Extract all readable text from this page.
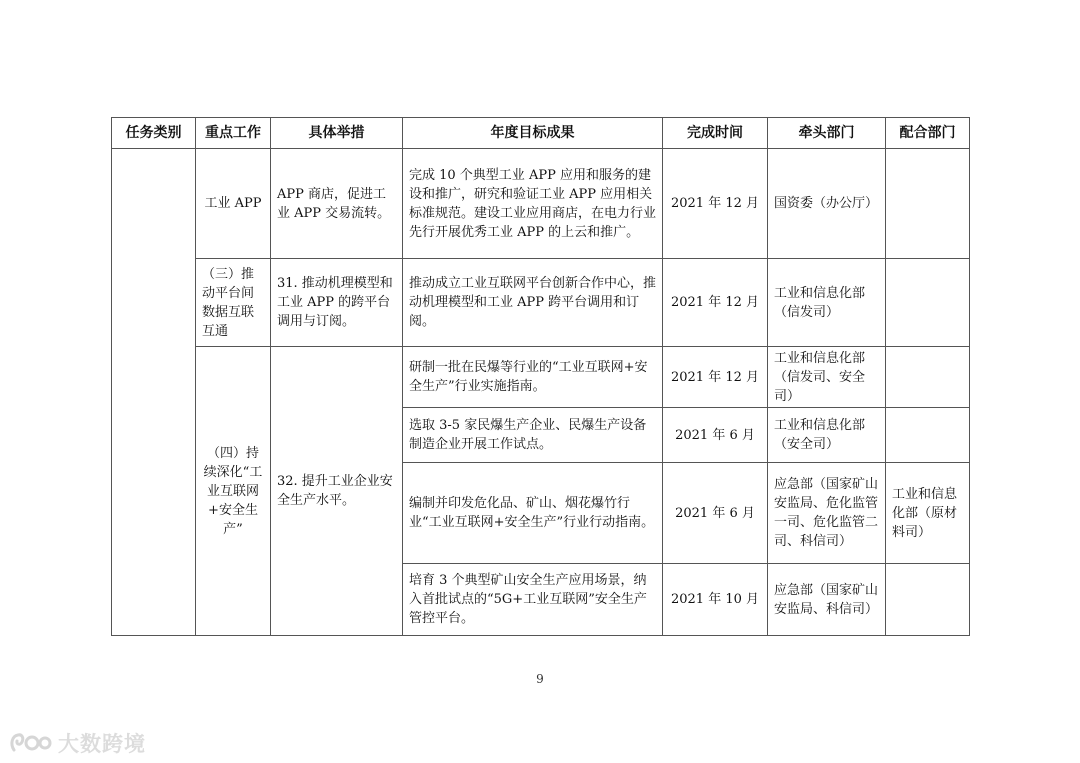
任务类别	重点工作	具体举措	年度目标成果	完成时间	牵头部门	配合部门
	工业 APP	APP 商店，促进工业 APP 交易流转。	完成 10 个典型工业 APP 应用和服务的建设和推广，研究和验证工业 APP 应用相关标准规范。建设工业应用商店，在电力行业先行开展优秀工业 APP 的上云和推广。	2021 年 12 月	国资委（办公厅）	
	（三）推动平台间数据互联互通	31. 推动机理模型和工业 APP 的跨平台调用与订阅。	推动成立工业互联网平台创新合作中心，推动机理模型和工业 APP 跨平台调用和订阅。	2021 年 12 月	工业和信息化部（信发司）	
	（四）持续深化“工业互联网+安全生产”	32. 提升工业企业安全生产水平。	研制一批在民爆等行业的“工业互联网+安全生产”行业实施指南。	2021 年 12 月	工业和信息化部（信发司、安全司）	
			选取 3-5 家民爆生产企业、民爆生产设备制造企业开展工作试点。	2021 年 6 月	工业和信息化部（安全司）	
			编制并印发危化品、矿山、烟花爆竹行业“工业互联网+安全生产”行业行动指南。	2021 年 6 月	应急部（国家矿山安监局、危化监管一司、危化监管二司、科信司）	工业和信息化部（原材料司）
			培育 3 个典型矿山安全生产应用场景，纳入首批试点的“5G+工业互联网”安全生产管控平台。	2021 年 10 月	应急部（国家矿山安监局、科信司）	
9
大数跨境
